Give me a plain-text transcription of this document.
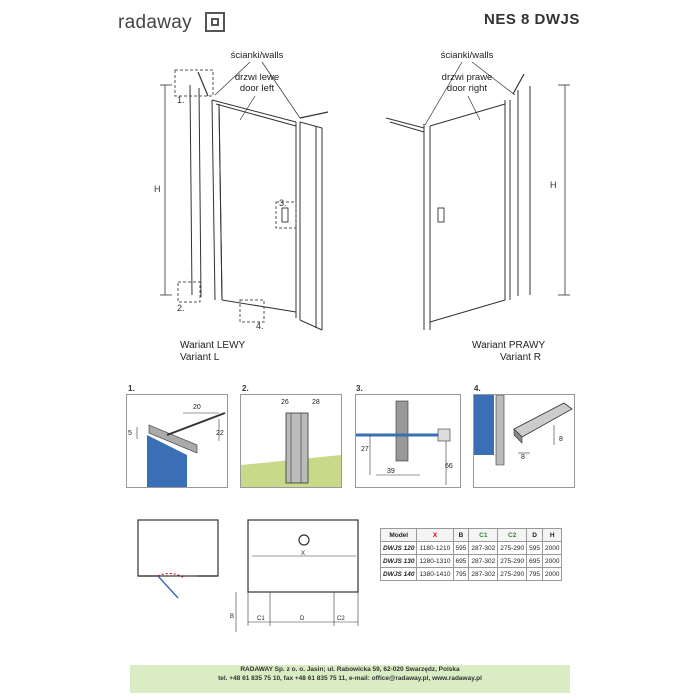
radaway	NES 8 DWJS
ścianki/walls
drzwi lewe
door left
H
1.
2.
3.
4.
Wariant LEWY
Variant L
ścianki/walls
drzwi prawe
door right
H
Wariant PRAWY
Variant R
1.
20
5	22
2.
26	28
3.
27
39
66
4.
8
8
X
B	C1	D	C2
Model	X	B	C1	C2	D	H
DWJS 120	1180-1210	595	287-302	275-290	595	2000
DWJS 130	1280-1310	695	287-302	275-290	695	2000
DWJS 140	1380-1410	795	287-302	275-290	795	2000
RADAWAY Sp. z o. o. Jasin; ul. Rabowicka 59, 62-020 Swarzędz, Polska
tel. +48 61 835 75 10, fax +48 61 835 75 11, e-mail: office@radaway.pl, www.radaway.pl
